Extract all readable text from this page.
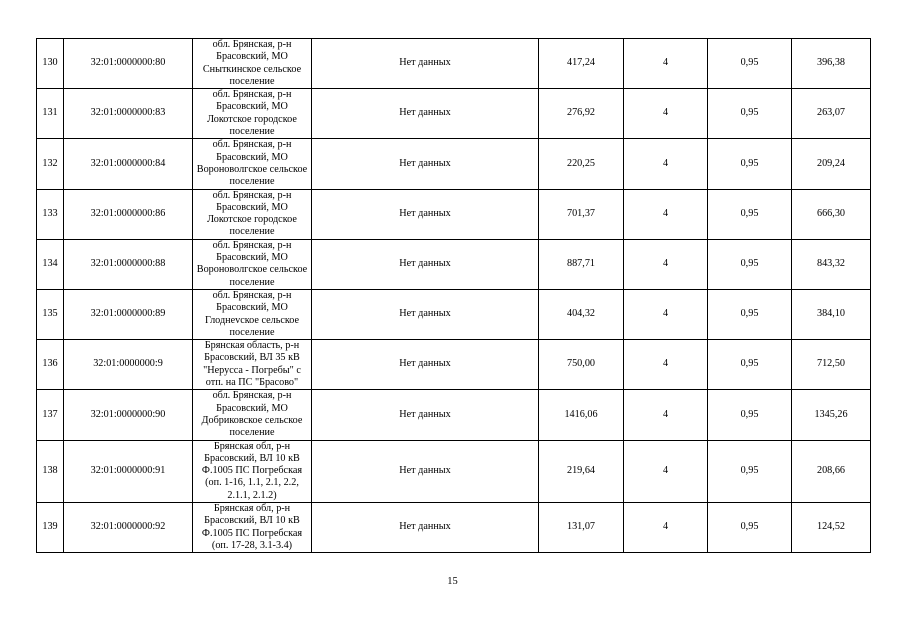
130	32:01:0000000:80	обл. Брянская, р-н Брасовский, МО Сныткинское сельское поселение	Нет данных	417,24	4	0,95	396,38
131	32:01:0000000:83	обл. Брянская, р-н Брасовский, МО Локотское городское поселение	Нет данных	276,92	4	0,95	263,07
132	32:01:0000000:84	обл. Брянская, р-н Брасовский, МО Вороноволгское сельское поселение	Нет данных	220,25	4	0,95	209,24
133	32:01:0000000:86	обл. Брянская, р-н Брасовский, МО Локотское городское поселение	Нет данных	701,37	4	0,95	666,30
134	32:01:0000000:88	обл. Брянская, р-н Брасовский, МО Вороноволгское сельское поселение	Нет данных	887,71	4	0,95	843,32
135	32:01:0000000:89	обл. Брянская, р-н Брасовский, МО Глоднevское сельское поселение	Нет данных	404,32	4	0,95	384,10
136	32:01:0000000:9	Брянская область, р-н Брасовский, ВЛ 35 кВ "Нерусса - Погребы" с отп. на ПС "Брасово"	Нет данных	750,00	4	0,95	712,50
137	32:01:0000000:90	обл. Брянская, р-н Брасовский, МО Добриковское сельское поселение	Нет данных	1416,06	4	0,95	1345,26
138	32:01:0000000:91	Брянская обл, р-н Брасовский, ВЛ 10 кВ Ф.1005 ПС Погребская (оп. 1-16, 1.1, 2.1, 2.2, 2.1.1, 2.1.2)	Нет данных	219,64	4	0,95	208,66
139	32:01:0000000:92	Брянская обл, р-н Брасовский, ВЛ 10 кВ Ф.1005 ПС Погребская (оп. 17-28, 3.1-3.4)	Нет данных	131,07	4	0,95	124,52
15
